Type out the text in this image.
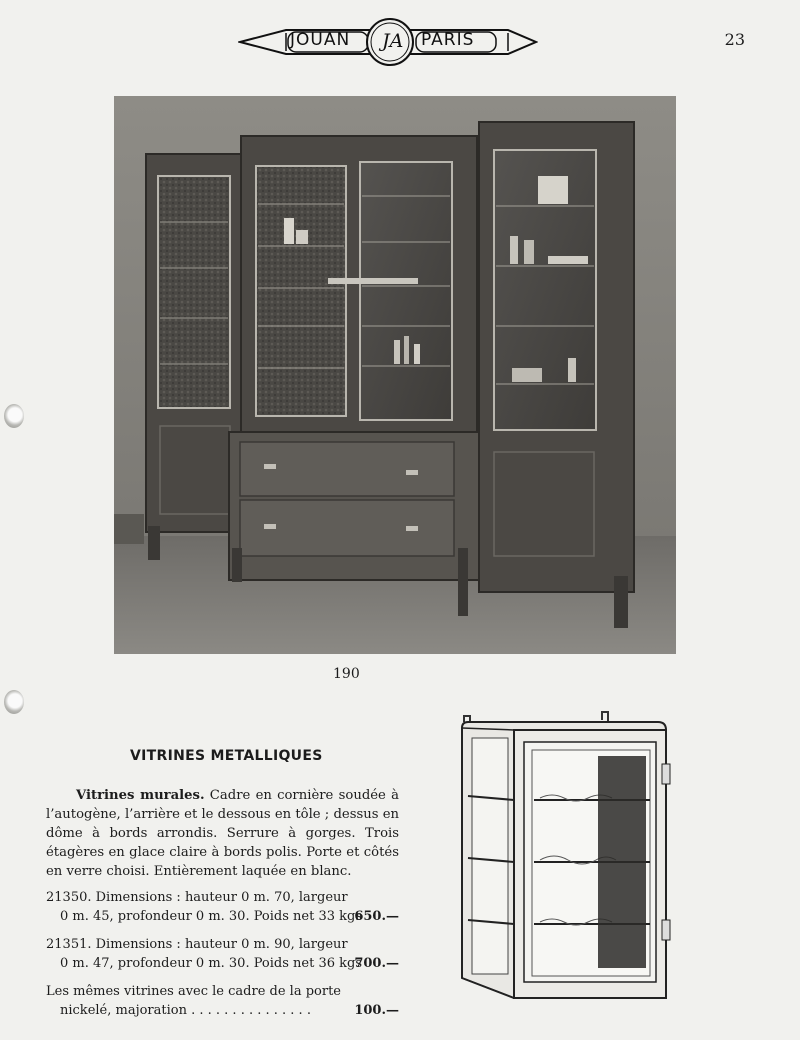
JOUAN JA PARIS	23
190
VITRINES METALLIQUES

Vitrines murales. Cadre en cornière soudée à l’autogène, l’arrière et le dessous en tôle ; dessus en dôme à bords arrondis. Serrure à gorges. Trois étagères en glace claire à bords polis. Porte et côtés en verre choisi. Entièrement laquée en blanc.

21350. Dimensions : hauteur 0 m. 70, largeur
0 m. 45, profondeur 0 m. 30. Poids net 33 kgs
650.—
21351. Dimensions : hauteur 0 m. 90, largeur
0 m. 47, profondeur 0 m. 30. Poids net 36 kgs
700.—
Les mêmes vitrines avec le cadre de la porte
nickelé, majoration . . . . . . . . . . . . . . .	100.—
